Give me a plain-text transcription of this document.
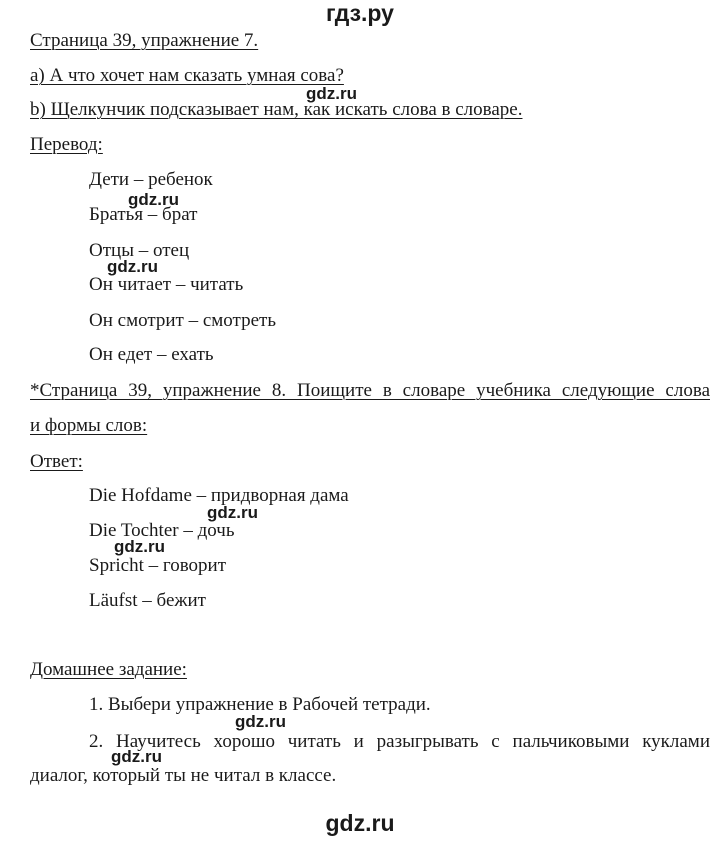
гдз.ру
Страница 39, упражнение 7.
а) А что хочет нам сказать умная сова?
b) Щелкунчик подсказывает нам, как искать слова в словаре.
Перевод:
Дети – ребенок
Братья – брат
Отцы – отец
Он читает – читать
Он смотрит – смотреть
Он едет – ехать
*Страница 39, упражнение 8. Поищите в словаре учебника следующие слова
и формы слов:
Ответ:
Die Hofdame – придворная дама
Die Tochter – дочь
Spricht – говорит
Läufst – бежит
Домашнее задание:
1. Выбери упражнение в Рабочей тетради.
2. Научитесь хорошо читать и разыгрывать с пальчиковыми куклами
диалог, который ты не читал в классе.
gdz.ru
gdz.ru
gdz.ru
gdz.ru
gdz.ru
gdz.ru
gdz.ru
gdz.ru
